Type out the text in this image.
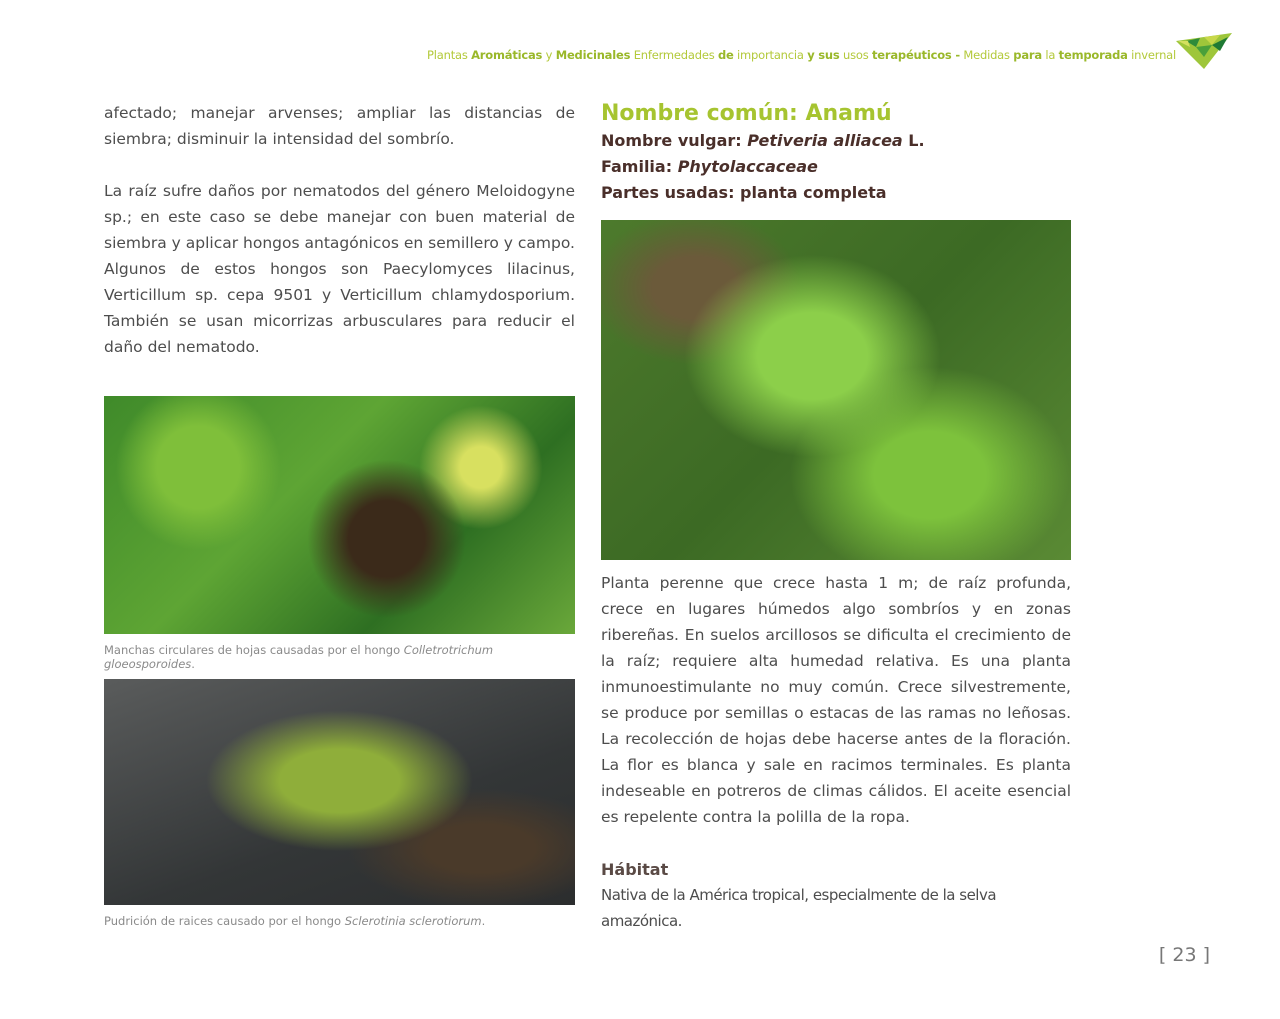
Plantas Aromáticas y Medicinales Enfermedades de importancia y sus usos terapéuticos - Medidas para la temporada invernal

afectado; manejar arvenses; ampliar las distancias de siembra; disminuir la intensidad del sombrío.

La raíz sufre daños por nematodos del género Meloidogyne sp.; en este caso se debe manejar con buen material de siembra y aplicar hongos antagónicos en semillero y campo. Algunos de estos hongos son Paecylomyces lilacinus, Verticillum sp. cepa 9501 y Verticillum chlamydosporium. También se usan micorrizas arbusculares para reducir el daño del nematodo.

Manchas circulares de hojas causadas por el hongo Colletrotrichum gloeosporoides.
Pudrición de raices causado por el hongo Sclerotinia sclerotiorum.
Nombre común: Anamú
Nombre vulgar: Petiveria alliacea L.
Familia: Phytolaccaceae
Partes usadas: planta completa

Planta perenne que crece hasta 1 m; de raíz profunda, crece en lugares húmedos algo sombríos y en zonas ribereñas. En suelos arcillosos se dificulta el crecimiento de la raíz; requiere alta humedad relativa. Es una planta inmunoestimulante no muy común. Crece silvestremente, se produce por semillas o estacas de las ramas no leñosas. La recolección de hojas debe hacerse antes de la floración. La flor es blanca y sale en racimos terminales. Es planta indeseable en potreros de climas cálidos. El aceite esencial es repelente contra la polilla de la ropa.

Hábitat
Nativa de la América tropical, especialmente de la selva amazónica.
[ 23 ]
